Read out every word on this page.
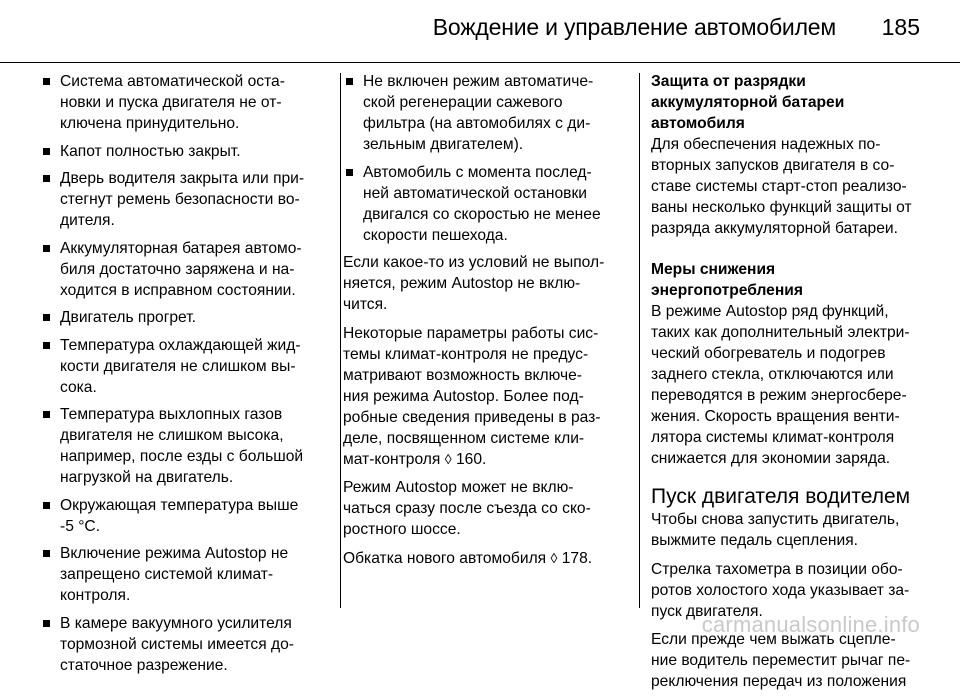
Вождение и управление автомобилем 185
Система автоматической оста-
новки и пуска двигателя не от-
ключена принудительно.
Капот полностью закрыт.
Дверь водителя закрыта или при-
стегнут ремень безопасности во-
дителя.
Аккумуляторная батарея автомо-
биля достаточно заряжена и на-
ходится в исправном состоянии.
Двигатель прогрет.
Температура охлаждающей жид-
кости двигателя не слишком вы-
сока.
Температура выхлопных газов
двигателя не слишком высока,
например, после езды с большой
нагрузкой на двигатель.
Окружающая температура выше
-5 °C.
Включение режима Autostop не
запрещено системой климат-
контроля.
В камере вакуумного усилителя
тормозной системы имеется до-
статочное разрежение.
Не включен режим автоматиче-
ской регенерации сажевого
фильтра (на автомобилях с ди-
зельным двигателем).
Автомобиль с момента послед-
ней автоматической остановки
двигался со скоростью не менее
скорости пешехода.

Если какое-то из условий не выпол-
няется, режим Autostop не вклю-
чится.

Некоторые параметры работы сис-
темы климат-контроля не предус-
матривают возможность включе-
ния режима Autostop. Более под-
робные сведения приведены в раз-
деле, посвященном системе кли-
мат-контроля ◊ 160.

Режим Autostop может не вклю-
чаться сразу после съезда со ско-
ростного шоссе.

Обкатка нового автомобиля ◊ 178.

Защита от разрядки
аккумуляторной батареи
автомобиля

Для обеспечения надежных по-
вторных запусков двигателя в со-
ставе системы старт-стоп реализо-
ваны несколько функций защиты от
разряда аккумуляторной батареи.

Меры снижения
энергопотребления

В режиме Autostop ряд функций,
таких как дополнительный электри-
ческий обогреватель и подогрев
заднего стекла, отключаются или
переводятся в режим энергосбере-
жения. Скорость вращения венти-
лятора системы климат-контроля
снижается для экономии заряда.

Пуск двигателя водителем

Чтобы снова запустить двигатель,
выжмите педаль сцепления.

Стрелка тахометра в позиции обо-
ротов холостого хода указывает за-
пуск двигателя.

Если прежде чем выжать сцепле-
ние водитель переместит рычаг пе-
реключения передач из положения

carmanualsonline.info
